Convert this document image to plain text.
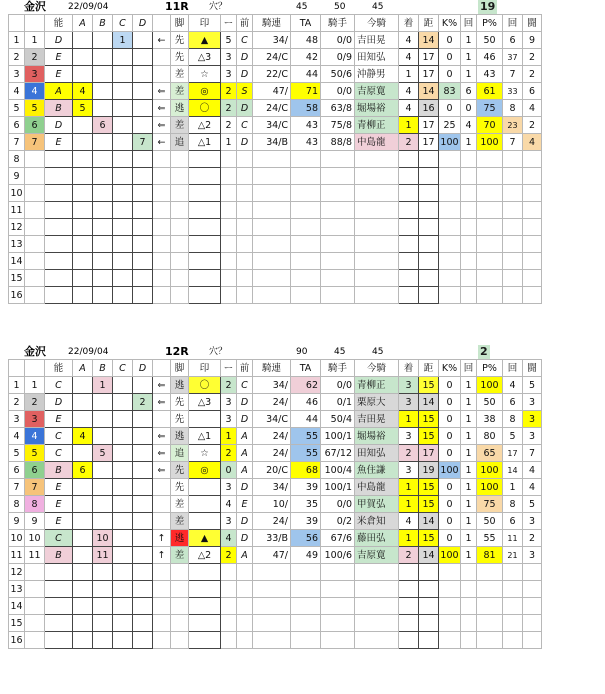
金沢 22/09/04	11R 穴？	45	50	45	19
		能	A	B	C	D		脚	印	ー	前	騎連	TA	騎手	今騎	着	距	K%	回	P%	回	闘
1	1	D			1		←	先	▲	5	C	34/	48	0/0	吉田晃	4	14	0	1	50	6	9
2	2	E						先	△3	3	D	24/C	42	0/9	田知弘	4	17	0	1	46	37	2
3	3	E						差	☆	3	D	22/C	44	50/6	沖静男	1	17	0	1	43	7	2
4	4	A	4				⇐	差	◎	2	S	47/	71	0/0	吉原寛	4	14	83	6	61	33	6
5	5	B	5				⇐	逃	〇	2	D	24/C	58	63/8	堀場裕	4	16	0	0	75	8	4
6	6	D		6			⇐	差	△2	2	C	34/C	43	75/8	青柳正	1	17	25	4	70	23	2
7	7	E				7	←	追	△1	1	D	34/B	43	88/8	中島龍	2	17	100	1	100	7	4
8																						
9																						
10																						
11																						
12																						
13																						
14																						
15																						
16																						
金沢 22/09/04	12R 穴？	90	45	45	2
		能	A	B	C	D		脚	印	ー	前	騎連	TA	騎手	今騎	着	距	K%	回	P%	回	闘
1	1	C		1			⇐	逃	〇	2	C	34/	62	0/0	青柳正	3	15	0	1	100	4	5
2	2	D				2	⇐	先	△3	3	D	24/	46	0/1	栗原大	3	14	0	1	50	6	3
3	3	E						先		3	D	34/C	44	50/4	吉田晃	1	15	0	1	38	8	3
4	4	C	4				⇐	逃	△1	1	A	24/	55	100/1	堀場裕	3	15	0	1	80	5	3
5	5	C		5			⇐	追	☆	2	A	24/	55	67/12	田知弘	2	17	0	1	65	17	7
6	6	B	6				⇐	先	◎	0	A	20/C	68	100/4	魚住謙	3	19	100	1	100	14	4
7	7	E						先		3	D	34/	39	100/1	中島龍	1	15	0	1	100	1	4
8	8	E						差		4	E	10/	35	0/0	甲賀弘	1	15	0	1	75	8	5
9	9	E						差		3	D	24/	39	0/2	米倉知	4	14	0	1	50	6	3
10	10	C		10			↑	逃	▲	4	D	33/B	56	67/6	藤田弘	1	15	0	1	55	11	2
11	11	B		11			↑	差	△2	2	A	47/	49	100/6	吉原寛	2	14	100	1	81	21	3
12																						
13																						
14																						
15																						
16																						
